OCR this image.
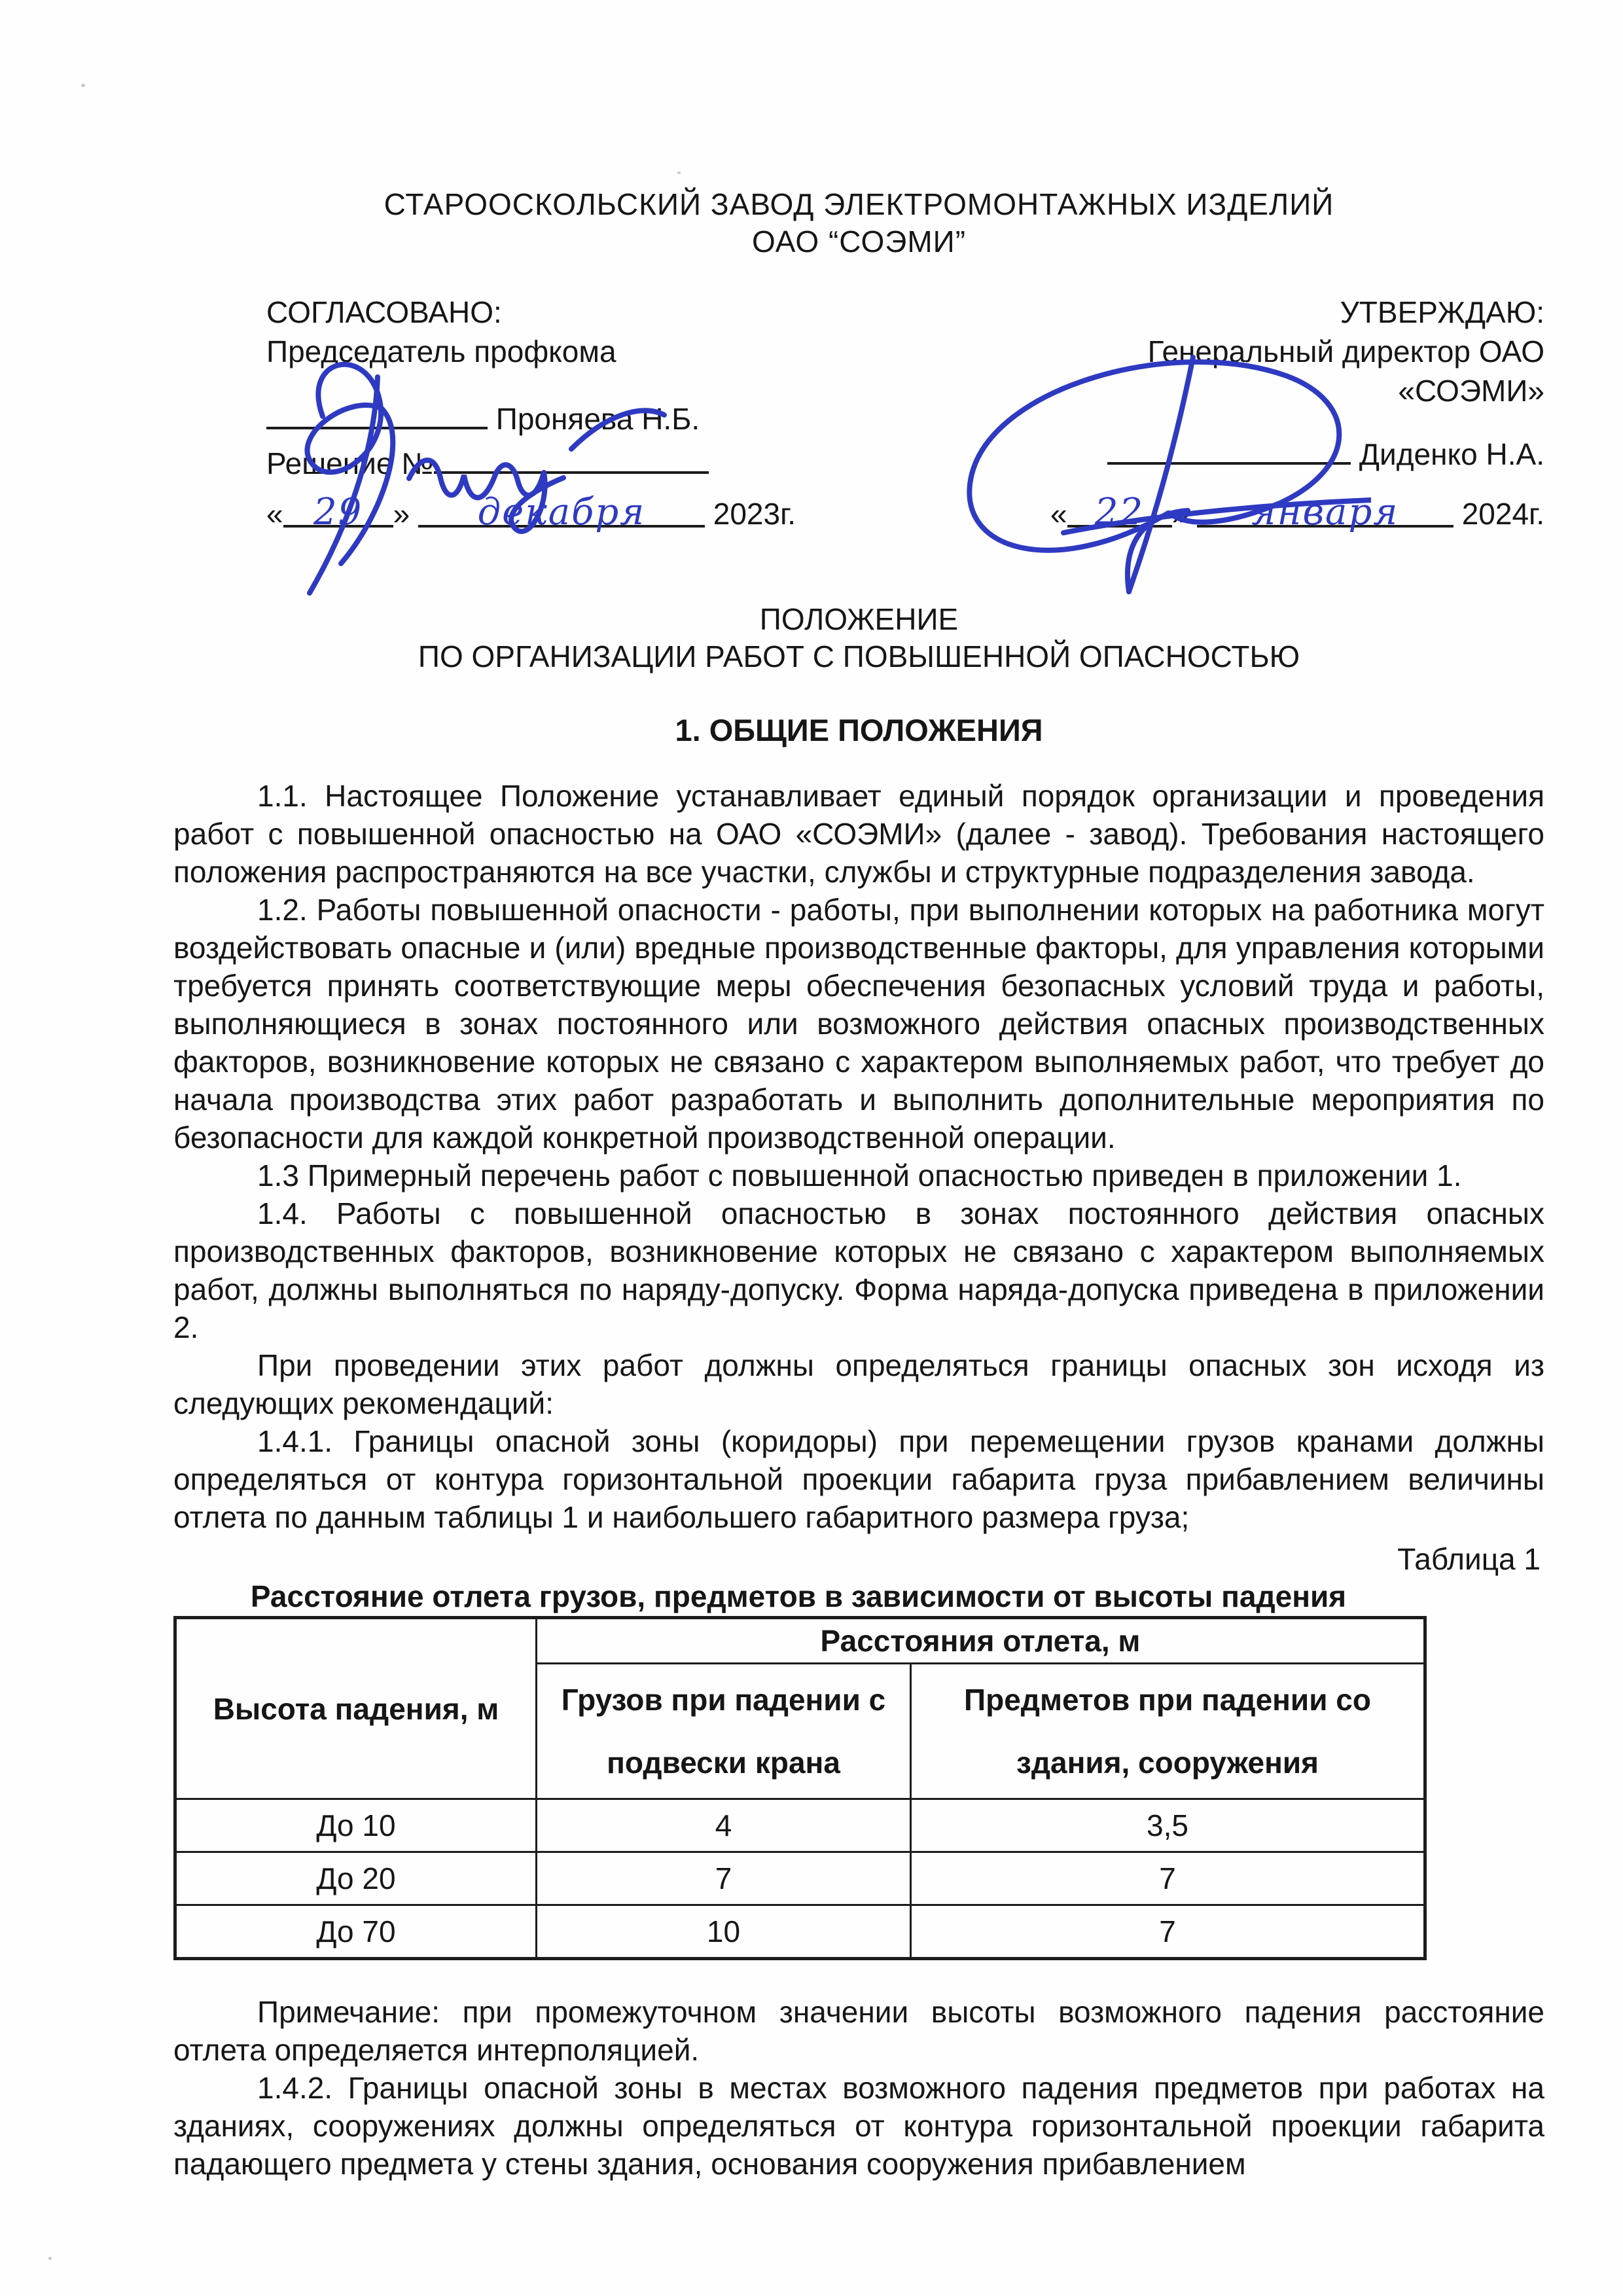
СТАРООСКОЛЬСКИЙ ЗАВОД ЭЛЕКТРОМОНТАЖНЫХ ИЗДЕЛИЙ
ОАО “СОЭМИ”
СОГЛАСОВАНО:
Председатель профкома
Проняева Н.Б.
Решение №
« 29 » декабря 2023г.
УТВЕРЖДАЮ:
Генеральный директор ОАО
«СОЭМИ»
Диденко Н.А.
« 22 » января 2024г.
ПОЛОЖЕНИЕ
ПО ОРГАНИЗАЦИИ РАБОТ С ПОВЫШЕННОЙ ОПАСНОСТЬЮ
1. ОБЩИЕ ПОЛОЖЕНИЯ

1.1. Настоящее Положение устанавливает единый порядок организации и проведения работ с повышенной опасностью на ОАО «СОЭМИ» (далее - завод). Требования настоящего положения распространяются на все участки, службы и структурные подразделения завода.

1.2. Работы повышенной опасности - работы, при выполнении которых на работника могут воздействовать опасные и (или) вредные производственные факторы, для управления которыми требуется принять соответствующие меры обеспечения безопасных условий труда и работы, выполняющиеся в зонах постоянного или возможного действия опасных производственных факторов, возникновение которых не связано с характером выполняемых работ, что требует до начала производства этих работ разработать и выполнить дополнительные мероприятия по безопасности для каждой конкретной производственной операции.

1.3 Примерный перечень работ с повышенной опасностью приведен в приложении 1.

1.4. Работы с повышенной опасностью в зонах постоянного действия опасных производственных факторов, возникновение которых не связано с характером выполняемых работ, должны выполняться по наряду-допуску. Форма наряда-допуска приведена в приложении 2.

При проведении этих работ должны определяться границы опасных зон исходя из следующих рекомендаций:

1.4.1. Границы опасной зоны (коридоры) при перемещении грузов кранами должны определяться от контура горизонтальной проекции габарита груза прибавлением величины отлета по данным таблицы 1 и наибольшего габаритного размера груза;

Таблица 1
Расстояние отлета грузов, предметов в зависимости от высоты падения
Высота падения, м	Расстояния отлета, м	
	Грузов при падении с подвески крана	Предметов при падении со здания, сооружения
До 10	4	3,5
До 20	7	7
До 70	10	7

Примечание: при промежуточном значении высоты возможного падения расстояние отлета определяется интерполяцией.

1.4.2. Границы опасной зоны в местах возможного падения предметов при работах на зданиях, сооружениях должны определяться от контура горизонтальной проекции габарита падающего предмета у стены здания, основания сооружения прибавлением
